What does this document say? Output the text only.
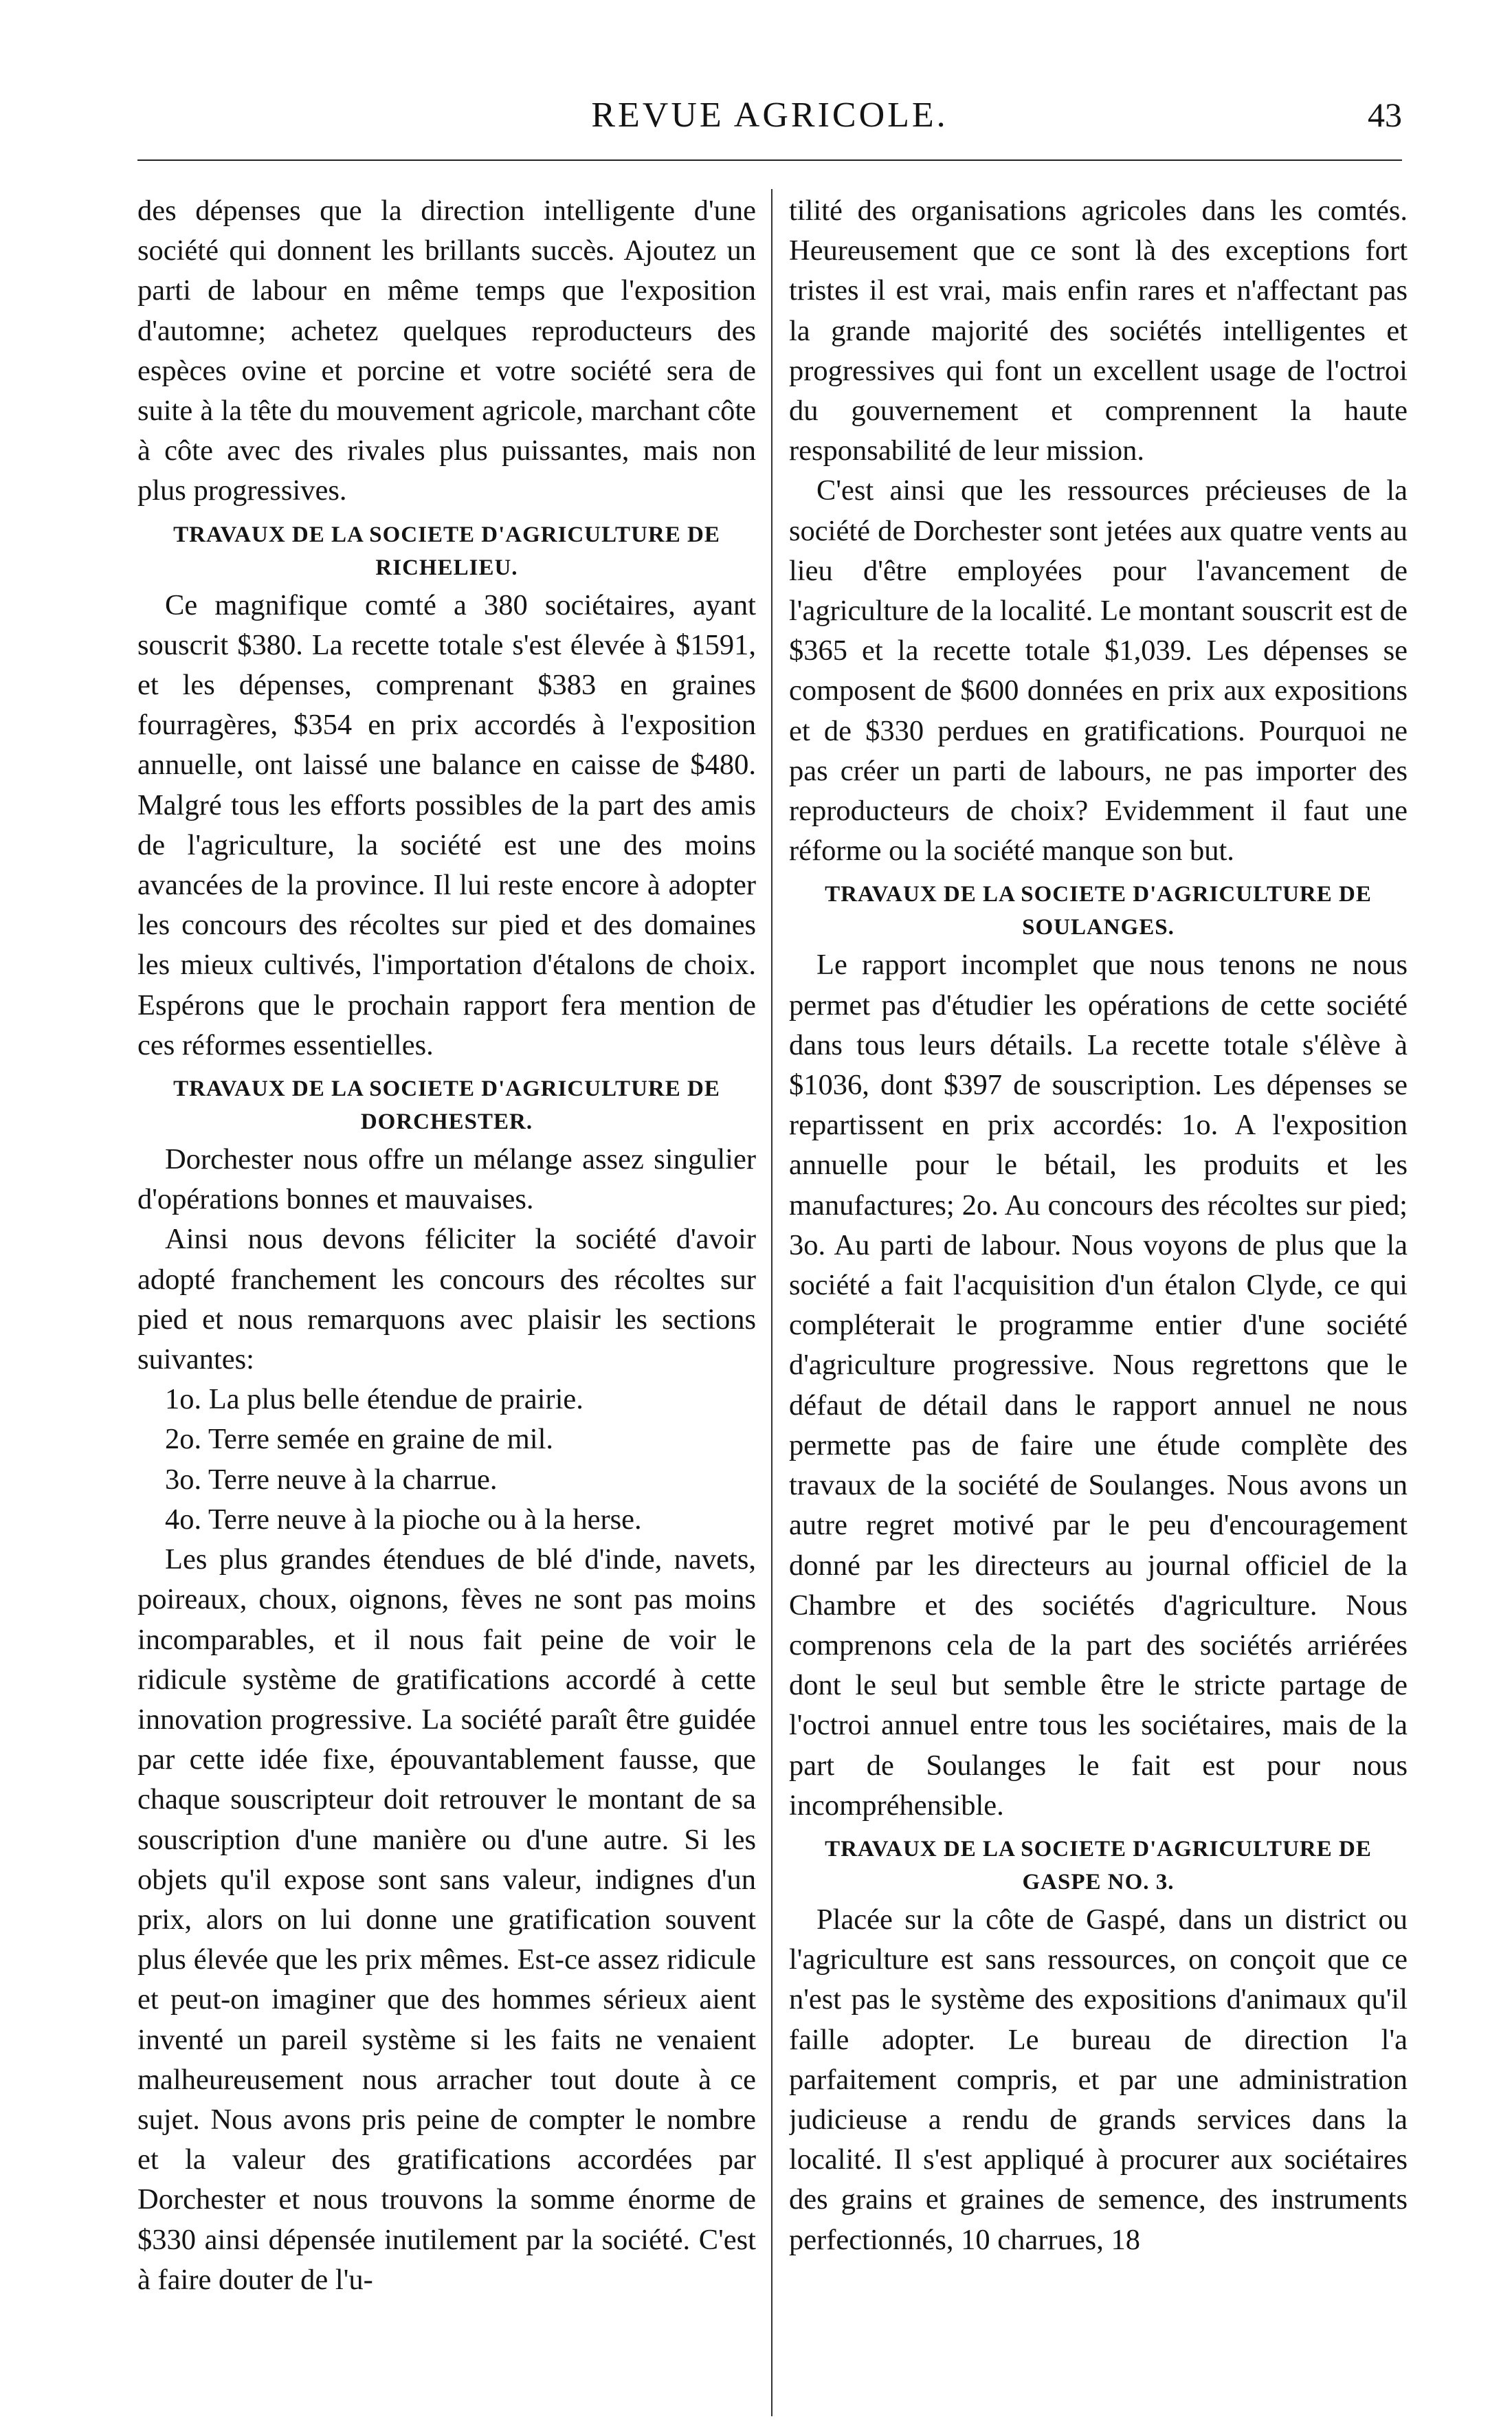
REVUE AGRICOLE.	43

des dépenses que la direction intelligente d'une société qui donnent les brillants succès. Ajoutez un parti de labour en même temps que l'exposition d'automne; achetez quelques reproducteurs des espèces ovine et porcine et votre société sera de suite à la tête du mouvement agricole, marchant côte à côte avec des rivales plus puissantes, mais non plus progressives.

TRAVAUX DE LA SOCIETE D'AGRICULTURE DE RICHELIEU.

Ce magnifique comté a 380 sociétaires, ayant souscrit $380. La recette totale s'est élevée à $1591, et les dépenses, comprenant $383 en graines fourragères, $354 en prix accordés à l'exposition annuelle, ont laissé une balance en caisse de $480. Malgré tous les efforts possibles de la part des amis de l'agriculture, la société est une des moins avancées de la province. Il lui reste encore à adopter les concours des récoltes sur pied et des domaines les mieux cultivés, l'importation d'étalons de choix. Espérons que le prochain rapport fera mention de ces réformes essentielles.

TRAVAUX DE LA SOCIETE D'AGRICULTURE DE DORCHESTER.

Dorchester nous offre un mélange assez singulier d'opérations bonnes et mauvaises.

Ainsi nous devons féliciter la société d'avoir adopté franchement les concours des récoltes sur pied et nous remarquons avec plaisir les sections suivantes:

1o. La plus belle étendue de prairie.
2o. Terre semée en graine de mil.
3o. Terre neuve à la charrue.
4o. Terre neuve à la pioche ou à la herse.

Les plus grandes étendues de blé d'inde, navets, poireaux, choux, oignons, fèves ne sont pas moins incomparables, et il nous fait peine de voir le ridicule système de gratifications accordé à cette innovation progressive. La société paraît être guidée par cette idée fixe, épouvantablement fausse, que chaque souscripteur doit retrouver le montant de sa souscription d'une manière ou d'une autre. Si les objets qu'il expose sont sans valeur, indignes d'un prix, alors on lui donne une gratification souvent plus élevée que les prix mêmes. Est-ce assez ridicule et peut-on imaginer que des hommes sérieux aient inventé un pareil système si les faits ne venaient malheureusement nous arracher tout doute à ce sujet. Nous avons pris peine de compter le nombre et la valeur des gratifications accordées par Dorchester et nous trouvons la somme énorme de $330 ainsi dépensée inutilement par la société. C'est à faire douter de l'u-

tilité des organisations agricoles dans les comtés. Heureusement que ce sont là des exceptions fort tristes il est vrai, mais enfin rares et n'affectant pas la grande majorité des sociétés intelligentes et progressives qui font un excellent usage de l'octroi du gouvernement et comprennent la haute responsabilité de leur mission.

C'est ainsi que les ressources précieuses de la société de Dorchester sont jetées aux quatre vents au lieu d'être employées pour l'avancement de l'agriculture de la localité. Le montant souscrit est de $365 et la recette totale $1,039. Les dépenses se composent de $600 données en prix aux expositions et de $330 perdues en gratifications. Pourquoi ne pas créer un parti de labours, ne pas importer des reproducteurs de choix? Evidemment il faut une réforme ou la société manque son but.

TRAVAUX DE LA SOCIETE D'AGRICULTURE DE SOULANGES.

Le rapport incomplet que nous tenons ne nous permet pas d'étudier les opérations de cette société dans tous leurs détails. La recette totale s'élève à $1036, dont $397 de souscription. Les dépenses se repartissent en prix accordés: 1o. A l'exposition annuelle pour le bétail, les produits et les manufactures; 2o. Au concours des récoltes sur pied; 3o. Au parti de labour. Nous voyons de plus que la société a fait l'acquisition d'un étalon Clyde, ce qui compléterait le programme entier d'une société d'agriculture progressive. Nous regrettons que le défaut de détail dans le rapport annuel ne nous permette pas de faire une étude complète des travaux de la société de Soulanges. Nous avons un autre regret motivé par le peu d'encouragement donné par les directeurs au journal officiel de la Chambre et des sociétés d'agriculture. Nous comprenons cela de la part des sociétés arriérées dont le seul but semble être le stricte partage de l'octroi annuel entre tous les sociétaires, mais de la part de Soulanges le fait est pour nous incompréhensible.

TRAVAUX DE LA SOCIETE D'AGRICULTURE DE GASPE NO. 3.

Placée sur la côte de Gaspé, dans un district ou l'agriculture est sans ressources, on conçoit que ce n'est pas le système des expositions d'animaux qu'il faille adopter. Le bureau de direction l'a parfaitement compris, et par une administration judicieuse a rendu de grands services dans la localité. Il s'est appliqué à procurer aux sociétaires des grains et graines de semence, des instruments perfectionnés, 10 charrues, 18
